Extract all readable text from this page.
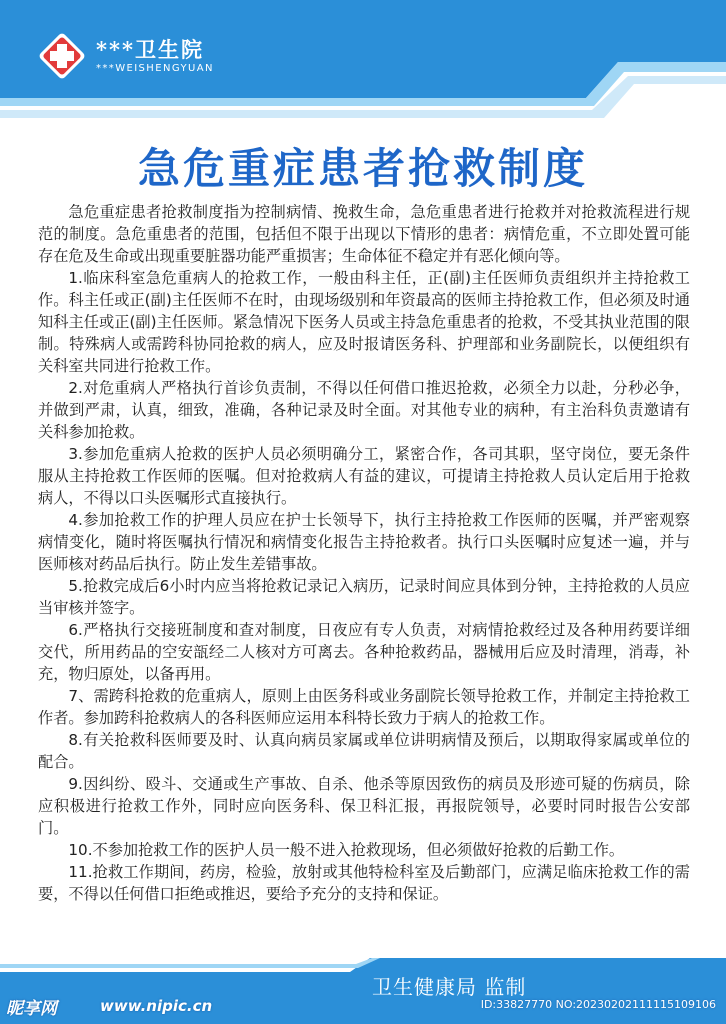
***卫生院
***WEISHENGYUAN
急危重症患者抢救制度

急危重症患者抢救制度指为控制病情、挽救生命，急危重患者进行抢救并对抢救流程进行规范的制度。急危重患者的范围，包括但不限于出现以下情形的患者：病情危重，不立即处置可能存在危及生命或出现重要脏器功能严重损害；生命体征不稳定并有恶化倾向等。

1.临床科室急危重病人的抢救工作，一般由科主任，正(副)主任医师负责组织并主持抢救工作。科主任或正(副)主任医师不在时，由现场级别和年资最高的医师主持抢救工作，但必须及时通知科主任或正(副)主任医师。紧急情况下医务人员或主持急危重患者的抢救，不受其执业范围的限制。特殊病人或需跨科协同抢救的病人，应及时报请医务科、护理部和业务副院长，以便组织有关科室共同进行抢救工作。

2.对危重病人严格执行首诊负责制，不得以任何借口推迟抢救，必须全力以赴，分秒必争，并做到严肃，认真，细致，准确，各种记录及时全面。对其他专业的病种，有主治科负责邀请有关科参加抢救。

3.参加危重病人抢救的医护人员必须明确分工，紧密合作，各司其职，坚守岗位，要无条件服从主持抢救工作医师的医嘱。但对抢救病人有益的建议，可提请主持抢救人员认定后用于抢救病人，不得以口头医嘱形式直接执行。

4.参加抢救工作的护理人员应在护士长领导下，执行主持抢救工作医师的医嘱，并严密观察病情变化，随时将医嘱执行情况和病情变化报告主持抢救者。执行口头医嘱时应复述一遍，并与医师核对药品后执行。防止发生差错事故。

5.抢救完成后6小时内应当将抢救记录记入病历，记录时间应具体到分钟，主持抢救的人员应当审核并签字。

6.严格执行交接班制度和查对制度，日夜应有专人负责，对病情抢救经过及各种用药要详细交代，所用药品的空安瓿经二人核对方可离去。各种抢救药品，器械用后应及时清理，消毒，补充，物归原处，以备再用。

7、需跨科抢救的危重病人，原则上由医务科或业务副院长领导抢救工作，并制定主持抢救工作者。参加跨科抢救病人的各科医师应运用本科特长致力于病人的抢救工作。

8.有关抢救科医师要及时、认真向病员家属或单位讲明病情及预后，以期取得家属或单位的配合。

9.因纠纷、殴斗、交通或生产事故、自杀、他杀等原因致伤的病员及形迹可疑的伤病员，除应积极进行抢救工作外，同时应向医务科、保卫科汇报，再报院领导，必要时同时报告公安部门。

10.不参加抢救工作的医护人员一般不进入抢救现场，但必须做好抢救的后勤工作。

11.抢救工作期间，药房，检验，放射或其他特检科室及后勤部门，应满足临床抢救工作的需要，不得以任何借口拒绝或推迟，要给予充分的支持和保证。

卫生健康局 监制
昵享网	www.nipic.cn	ID:33827770 NO:20230202111115109106
